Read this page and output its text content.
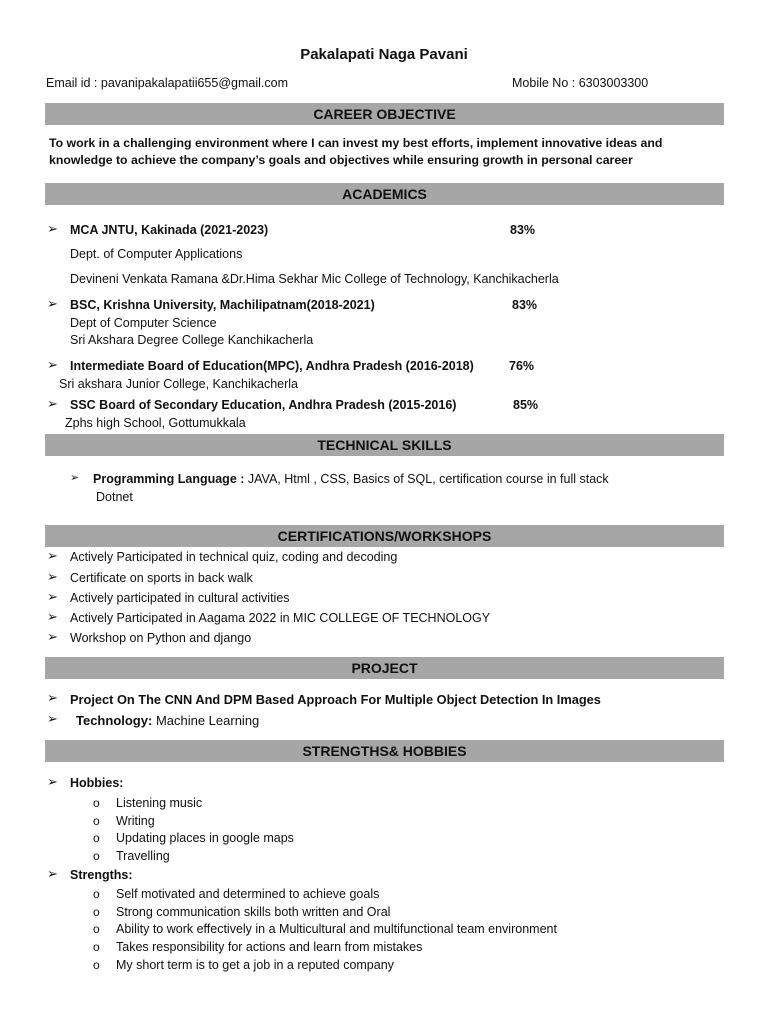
Pakalapati Naga Pavani
Email id : pavanipakalapatii655@gmail.com	Mobile No : 6303003300
CAREER OBJECTIVE
To work in a challenging environment where I can invest my best efforts, implement innovative ideas and knowledge to achieve the company’s goals and objectives while ensuring growth in personal career
ACADEMICS
➢ MCA JNTU, Kakinada (2021-2023)	83%
Dept. of Computer Applications
Devineni Venkata Ramana &Dr.Hima Sekhar Mic College of Technology, Kanchikacherla
➢ BSC, Krishna University, Machilipatnam(2018-2021)	83%
Dept of Computer Science
Sri Akshara Degree College Kanchikacherla
➢ Intermediate Board of Education(MPC), Andhra Pradesh (2016-2018)	76%
Sri akshara Junior College, Kanchikacherla
➢ SSC Board of Secondary Education, Andhra Pradesh (2015-2016)	85%
Zphs high School, Gottumukkala
TECHNICAL SKILLS
➢ Programming Language : JAVA, Html , CSS, Basics of SQL, certification course in full stack
Dotnet
CERTIFICATIONS/WORKSHOPS
➢ Actively Participated in technical quiz, coding and decoding
➢ Certificate on sports in back walk
➢ Actively participated in cultural activities
➢ Actively Participated in Aagama 2022 in MIC COLLEGE OF TECHNOLOGY
➢ Workshop on Python and django
PROJECT
➢ Project On The CNN And DPM Based Approach For Multiple Object Detection In Images
➢ Technology: Machine Learning
STRENGTHS& HOBBIES
➢ Hobbies:
o Listening music
o Writing
o Updating places in google maps
o Travelling
➢ Strengths:
o Self motivated and determined to achieve goals
o Strong communication skills both written and Oral
o Ability to work effectively in a Multicultural and multifunctional team environment
o Takes responsibility for actions and learn from mistakes
o My short term is to get a job in a reputed company
